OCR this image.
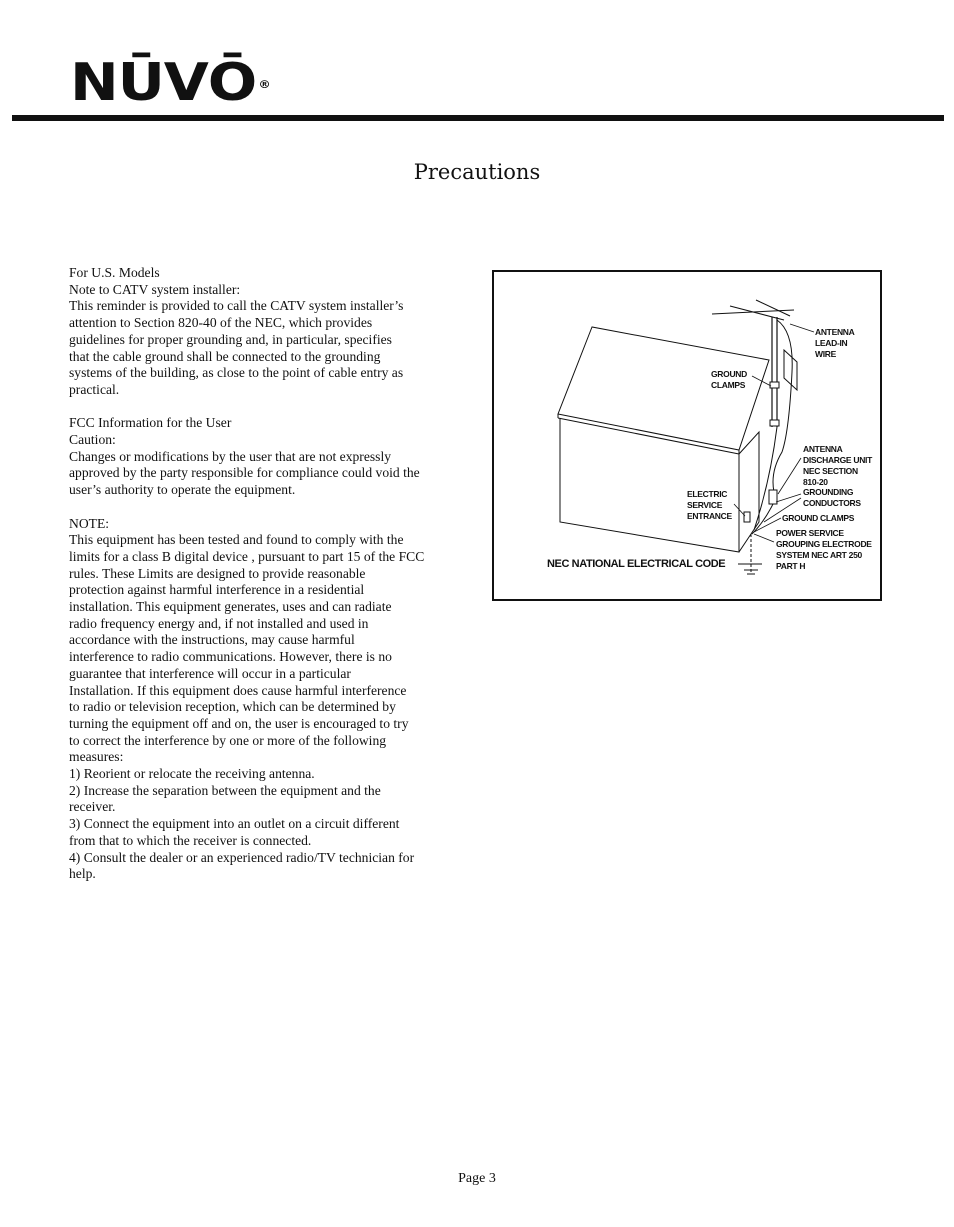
NŪVŌ ®
Precautions

For U.S. Models

Note to CATV system installer:

This reminder is provided to call the CATV system installer’s

attention to Section 820-40 of the NEC, which provides

guidelines for proper grounding and, in particular, specifies

that the cable ground shall be connected to the grounding

systems of the building, as close to the point of cable entry as

practical.

FCC Information for the User

Caution:

Changes or modifications by the user that are not expressly

approved by the party responsible for compliance could void the

user’s authority to operate the equipment.

NOTE:

This equipment has been tested and found to comply with the

limits for a class B digital device , pursuant to part 15 of the FCC

rules. These Limits are designed to provide reasonable

protection against harmful interference in a residential

installation. This equipment generates, uses and can radiate

radio frequency energy and, if not installed and used in

accordance with the instructions, may cause harmful

interference to radio communications. However, there is no

guarantee that interference will occur in a particular

Installation. If this equipment does cause harmful interference

to radio or television reception, which can be determined by

turning the equipment off and on, the user is encouraged to try

to correct the interference by one or more of the following

measures:

1) Reorient or relocate the receiving antenna.

2) Increase the separation between the equipment and the

receiver.

3) Connect the equipment into an outlet on a circuit different

from that to which the receiver is connected.

4) Consult the dealer or an experienced radio/TV technician for

help.

ANTENNA LEAD-IN WIRE
GROUND CLAMPS
ANTENNA DISCHARGE UNIT NEC SECTION 810-20
GROUNDING CONDUCTORS
ELECTRIC SERVICE ENTRANCE	GROUND CLAMPS
POWER SERVICE GROUPING ELECTRODE SYSTEM NEC ART 250 PART H
NEC NATIONAL ELECTRICAL CODE
Page 3
